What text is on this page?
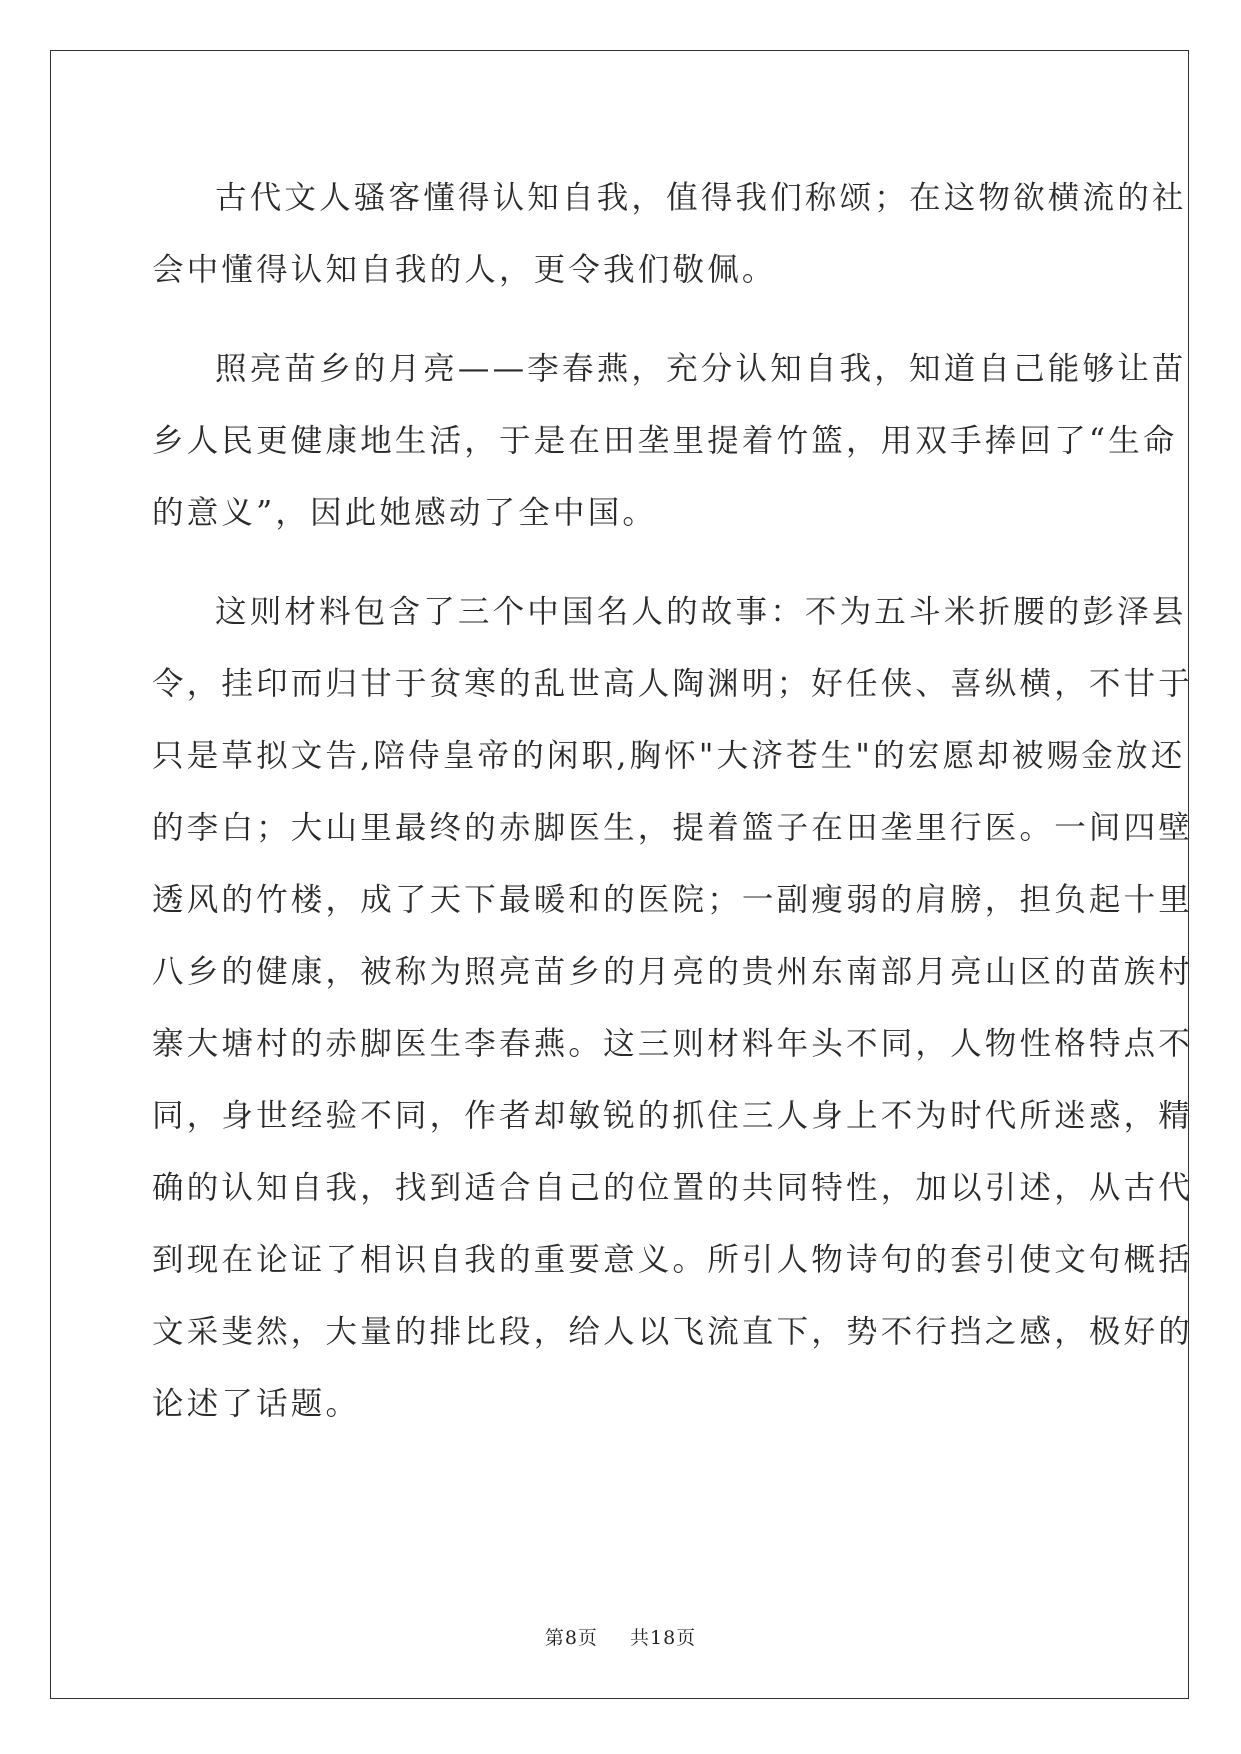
古代文人骚客懂得认知自我，值得我们称颂；在这物欲横流的社
会中懂得认知自我的人，更令我们敬佩。

照亮苗乡的月亮——李春燕，充分认知自我，知道自己能够让苗
乡人民更健康地生活，于是在田垄里提着竹篮，用双手捧回了“生命
的意义”，因此她感动了全中国。

这则材料包含了三个中国名人的故事：不为五斗米折腰的彭泽县
令，挂印而归甘于贫寒的乱世高人陶渊明；好任侠、喜纵横，不甘于
只是草拟文告,陪侍皇帝的闲职,胸怀"大济苍生"的宏愿却被赐金放还
的李白；大山里最终的赤脚医生，提着篮子在田垄里行医。一间四壁
透风的竹楼，成了天下最暖和的医院；一副瘦弱的肩膀，担负起十里
八乡的健康，被称为照亮苗乡的月亮的贵州东南部月亮山区的苗族村
寨大塘村的赤脚医生李春燕。这三则材料年头不同，人物性格特点不
同，身世经验不同，作者却敏锐的抓住三人身上不为时代所迷惑，精
确的认知自我，找到适合自己的位置的共同特性，加以引述，从古代
到现在论证了相识自我的重要意义。所引人物诗句的套引使文句概括
文采斐然，大量的排比段，给人以飞流直下，势不行挡之感，极好的
论述了话题。

第8页 共18页
